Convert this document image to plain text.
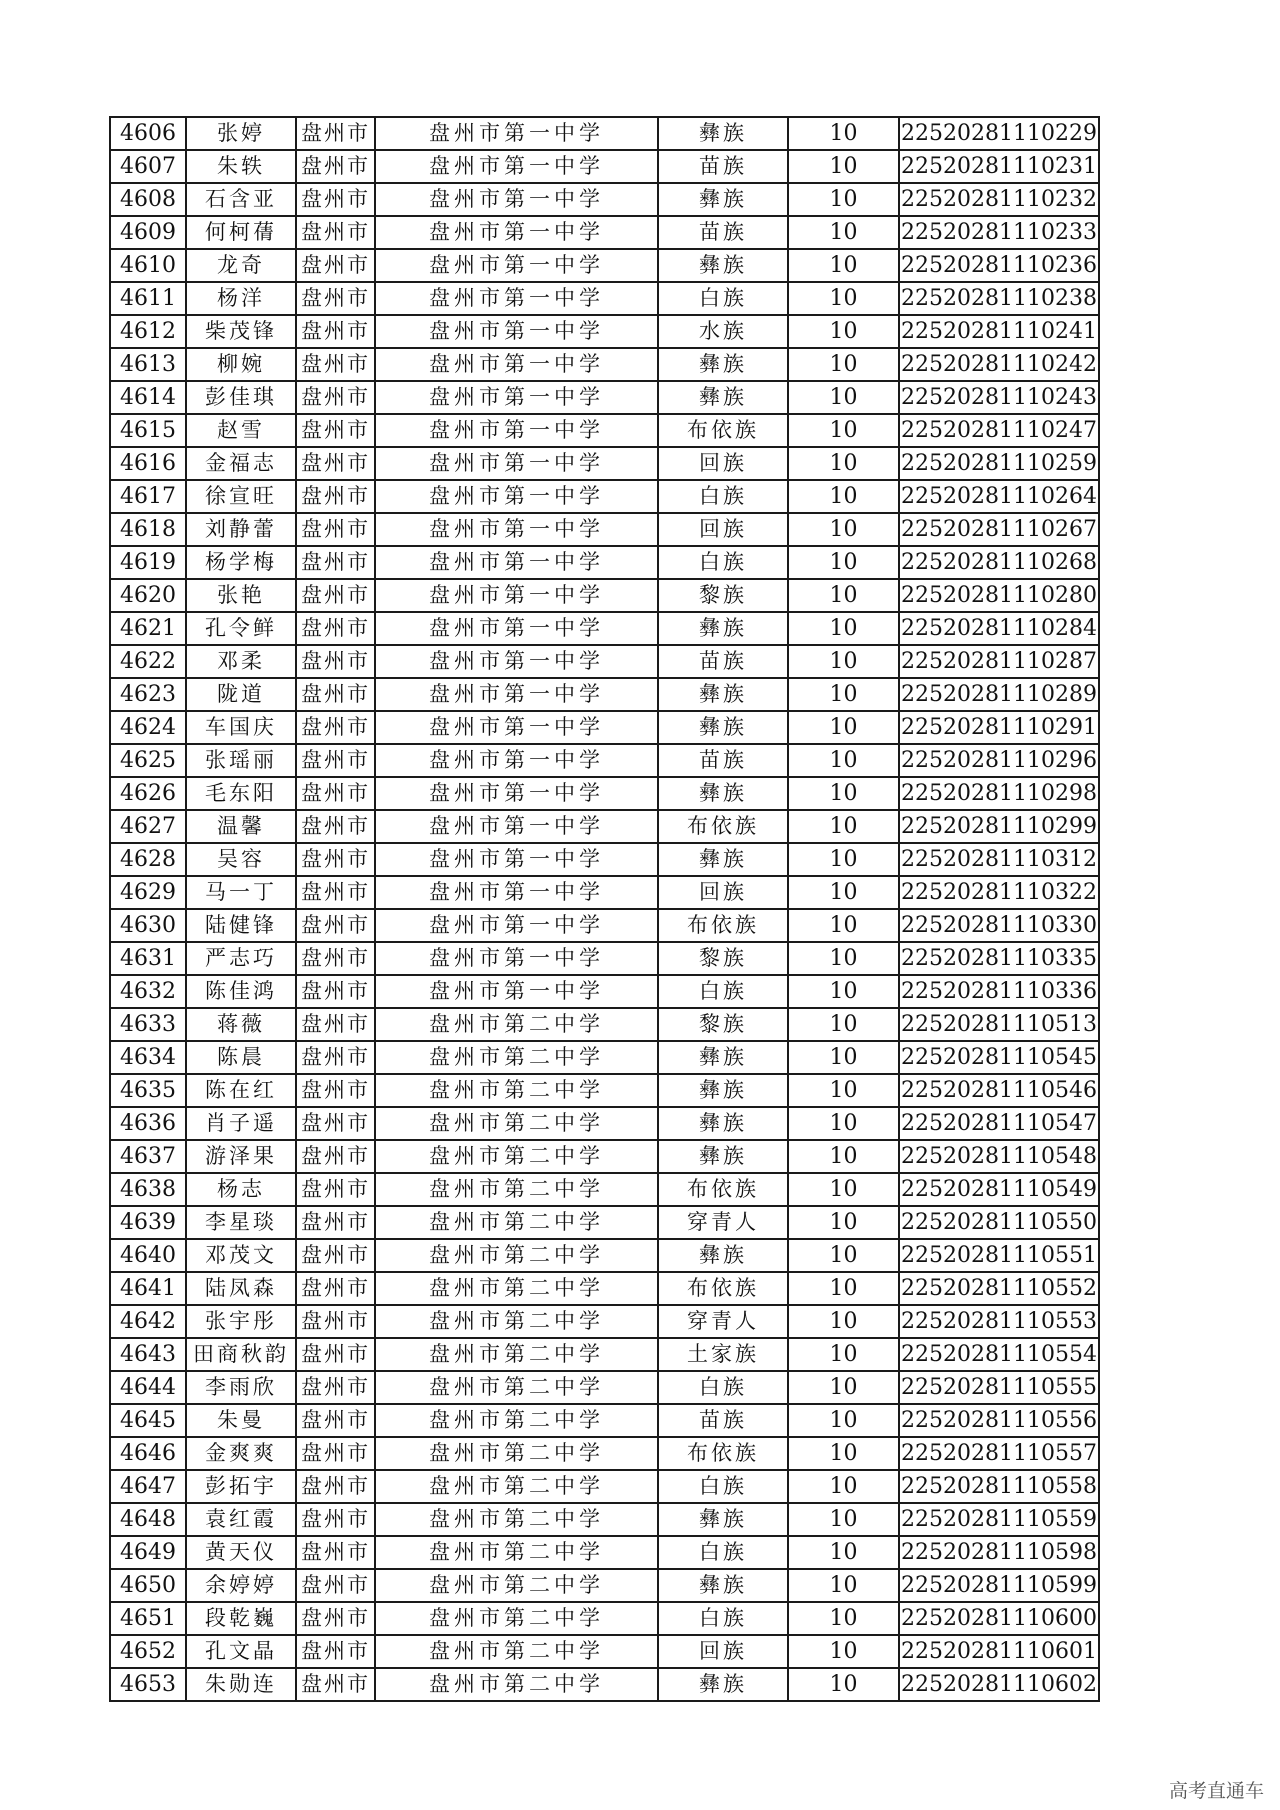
4606	张婷	盘州市	盘州市第一中学	彝族	10	22520281110229
4607	朱轶	盘州市	盘州市第一中学	苗族	10	22520281110231
4608	石含亚	盘州市	盘州市第一中学	彝族	10	22520281110232
4609	何柯蒨	盘州市	盘州市第一中学	苗族	10	22520281110233
4610	龙奇	盘州市	盘州市第一中学	彝族	10	22520281110236
4611	杨洋	盘州市	盘州市第一中学	白族	10	22520281110238
4612	柴茂锋	盘州市	盘州市第一中学	水族	10	22520281110241
4613	柳婉	盘州市	盘州市第一中学	彝族	10	22520281110242
4614	彭佳琪	盘州市	盘州市第一中学	彝族	10	22520281110243
4615	赵雪	盘州市	盘州市第一中学	布依族	10	22520281110247
4616	金福志	盘州市	盘州市第一中学	回族	10	22520281110259
4617	徐宣旺	盘州市	盘州市第一中学	白族	10	22520281110264
4618	刘静蕾	盘州市	盘州市第一中学	回族	10	22520281110267
4619	杨学梅	盘州市	盘州市第一中学	白族	10	22520281110268
4620	张艳	盘州市	盘州市第一中学	黎族	10	22520281110280
4621	孔令鲜	盘州市	盘州市第一中学	彝族	10	22520281110284
4622	邓柔	盘州市	盘州市第一中学	苗族	10	22520281110287
4623	陇道	盘州市	盘州市第一中学	彝族	10	22520281110289
4624	车国庆	盘州市	盘州市第一中学	彝族	10	22520281110291
4625	张瑶丽	盘州市	盘州市第一中学	苗族	10	22520281110296
4626	毛东阳	盘州市	盘州市第一中学	彝族	10	22520281110298
4627	温馨	盘州市	盘州市第一中学	布依族	10	22520281110299
4628	吴容	盘州市	盘州市第一中学	彝族	10	22520281110312
4629	马一丁	盘州市	盘州市第一中学	回族	10	22520281110322
4630	陆健锋	盘州市	盘州市第一中学	布依族	10	22520281110330
4631	严志巧	盘州市	盘州市第一中学	黎族	10	22520281110335
4632	陈佳鸿	盘州市	盘州市第一中学	白族	10	22520281110336
4633	蒋薇	盘州市	盘州市第二中学	黎族	10	22520281110513
4634	陈晨	盘州市	盘州市第二中学	彝族	10	22520281110545
4635	陈在红	盘州市	盘州市第二中学	彝族	10	22520281110546
4636	肖子遥	盘州市	盘州市第二中学	彝族	10	22520281110547
4637	游泽果	盘州市	盘州市第二中学	彝族	10	22520281110548
4638	杨志	盘州市	盘州市第二中学	布依族	10	22520281110549
4639	李星琰	盘州市	盘州市第二中学	穿青人	10	22520281110550
4640	邓茂文	盘州市	盘州市第二中学	彝族	10	22520281110551
4641	陆凤森	盘州市	盘州市第二中学	布依族	10	22520281110552
4642	张宇彤	盘州市	盘州市第二中学	穿青人	10	22520281110553
4643	田商秋韵	盘州市	盘州市第二中学	土家族	10	22520281110554
4644	李雨欣	盘州市	盘州市第二中学	白族	10	22520281110555
4645	朱曼	盘州市	盘州市第二中学	苗族	10	22520281110556
4646	金爽爽	盘州市	盘州市第二中学	布依族	10	22520281110557
4647	彭拓宇	盘州市	盘州市第二中学	白族	10	22520281110558
4648	袁红霞	盘州市	盘州市第二中学	彝族	10	22520281110559
4649	黄天仪	盘州市	盘州市第二中学	白族	10	22520281110598
4650	余婷婷	盘州市	盘州市第二中学	彝族	10	22520281110599
4651	段乾巍	盘州市	盘州市第二中学	白族	10	22520281110600
4652	孔文晶	盘州市	盘州市第二中学	回族	10	22520281110601
4653	朱勋连	盘州市	盘州市第二中学	彝族	10	22520281110602
高考直通车
